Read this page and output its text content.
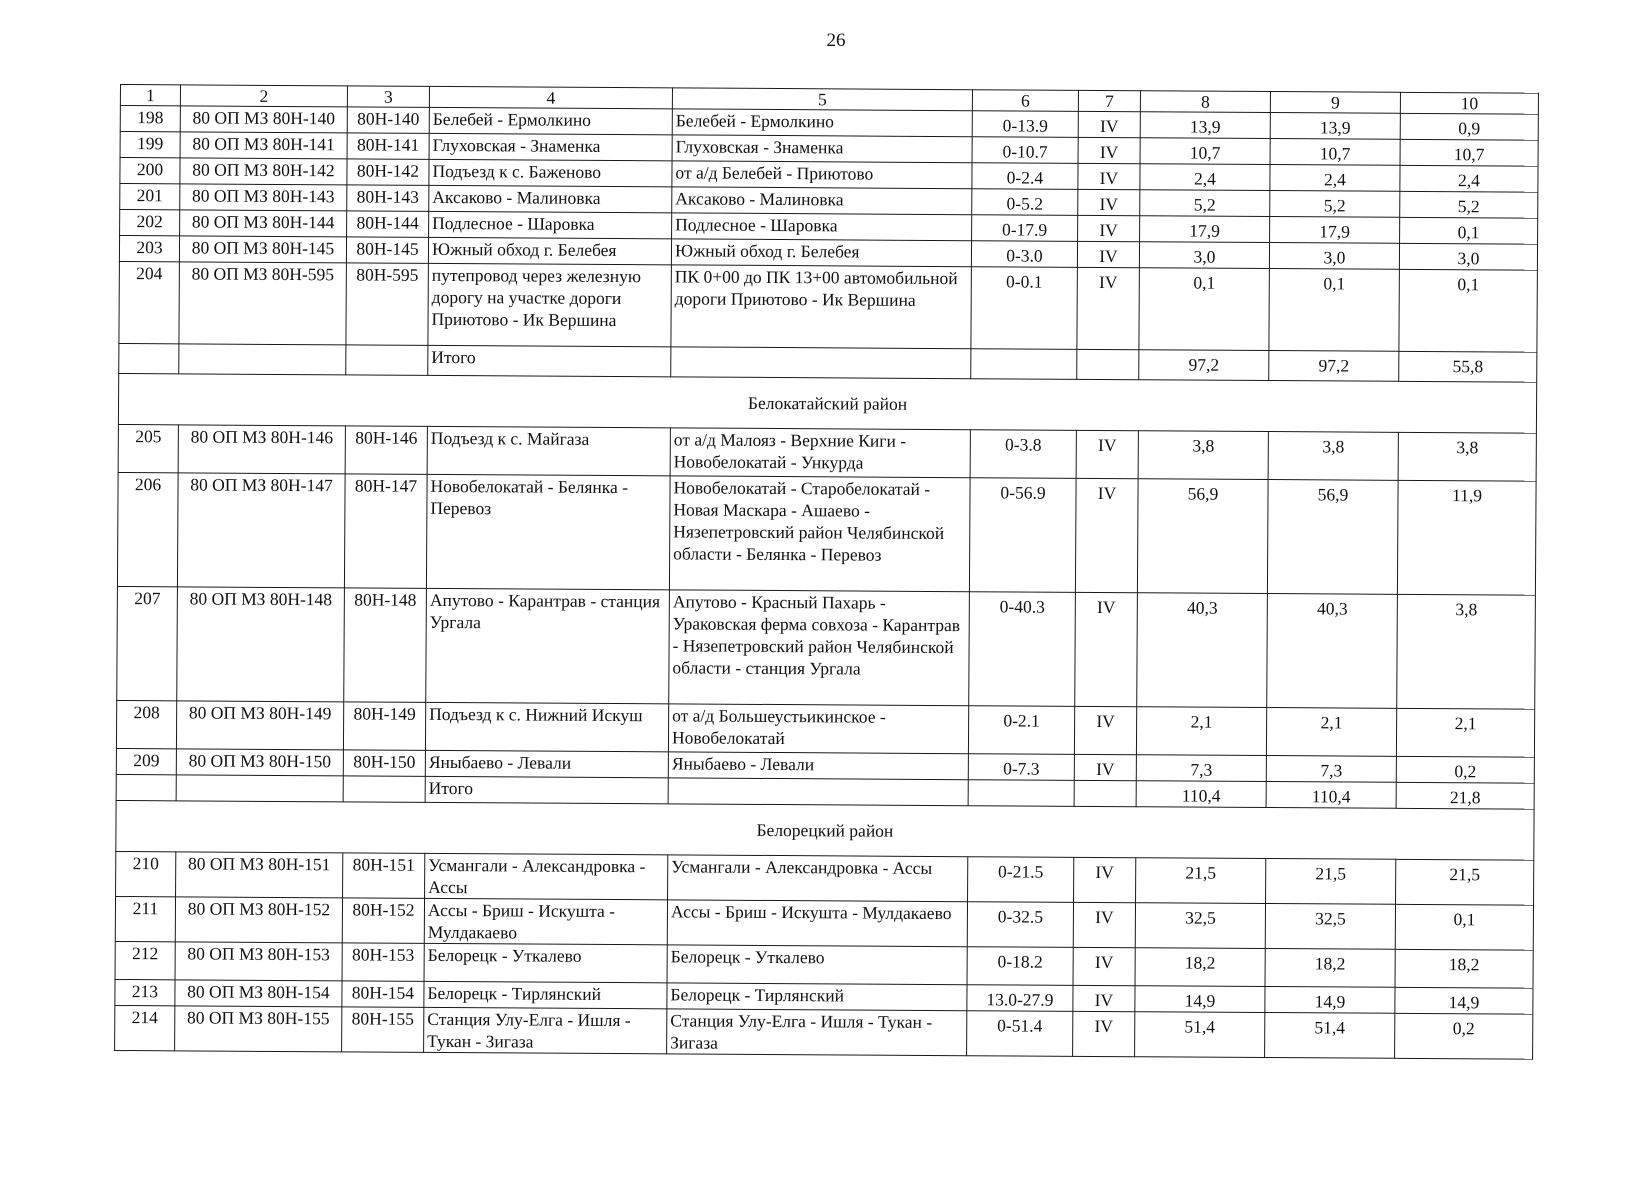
26
1	2	3	4	5	6	7	8	9	10
198	80 ОП МЗ 80Н-140	80Н-140	Белебей - Ермолкино	Белебей - Ермолкино	0-13.9	IV	13,9	13,9	0,9
199	80 ОП МЗ 80Н-141	80Н-141	Глуховская - Знаменка	Глуховская - Знаменка	0-10.7	IV	10,7	10,7	10,7
200	80 ОП МЗ 80Н-142	80Н-142	Подъезд к с. Баженово	от а/д Белебей - Приютово	0-2.4	IV	2,4	2,4	2,4
201	80 ОП МЗ 80Н-143	80Н-143	Аксаково - Малиновка	Аксаково - Малиновка	0-5.2	IV	5,2	5,2	5,2
202	80 ОП МЗ 80Н-144	80Н-144	Подлесное - Шаровка	Подлесное - Шаровка	0-17.9	IV	17,9	17,9	0,1
203	80 ОП МЗ 80Н-145	80Н-145	Южный обход г. Белебея	Южный обход г. Белебея	0-3.0	IV	3,0	3,0	3,0
204	80 ОП МЗ 80Н-595	80Н-595	путепровод через железную дорогу на участке дороги Приютово - Ик Вершина	ПК 0+00 до ПК 13+00 автомобильной дороги Приютово - Ик Вершина	0-0.1	IV	0,1	0,1	0,1
			Итого				97,2	97,2	55,8
Белокатайский район									
205	80 ОП МЗ 80Н-146	80Н-146	Подъезд к с. Майгаза	от а/д Малояз - Верхние Киги - Новобелокатай - Ункурда	0-3.8	IV	3,8	3,8	3,8
206	80 ОП МЗ 80Н-147	80Н-147	Новобелокатай - Белянка - Перевоз	Новобелокатай - Старобелокатай - Новая Маскара - Ашаево - Нязепетровский район Челябинской области - Белянка - Перевоз	0-56.9	IV	56,9	56,9	11,9
207	80 ОП МЗ 80Н-148	80Н-148	Апутово - Карантрав - станция Ургала	Апутово - Красный Пахарь - Ураковская ферма совхоза - Карантрав - Нязепетровский район Челябинской области - станция Ургала	0-40.3	IV	40,3	40,3	3,8
208	80 ОП МЗ 80Н-149	80Н-149	Подъезд к с. Нижний Искуш	от а/д Большеустьикинское - Новобелокатай	0-2.1	IV	2,1	2,1	2,1
209	80 ОП МЗ 80Н-150	80Н-150	Яныбаево - Левали	Яныбаево - Левали	0-7.3	IV	7,3	7,3	0,2
			Итого				110,4	110,4	21,8
Белорецкий район									
210	80 ОП МЗ 80Н-151	80Н-151	Усмангали - Александровка - Ассы	Усмангали - Александровка - Ассы	0-21.5	IV	21,5	21,5	21,5
211	80 ОП МЗ 80Н-152	80Н-152	Ассы - Бриш - Искушта - Мулдакаево	Ассы - Бриш - Искушта - Мулдакаево	0-32.5	IV	32,5	32,5	0,1
212	80 ОП МЗ 80Н-153	80Н-153	Белорецк - Уткалево	Белорецк - Уткалево	0-18.2	IV	18,2	18,2	18,2
213	80 ОП МЗ 80Н-154	80Н-154	Белорецк - Тирлянский	Белорецк - Тирлянский	13.0-27.9	IV	14,9	14,9	14,9
214	80 ОП МЗ 80Н-155	80Н-155	Станция Улу-Елга - Ишля - Тукан - Зигаза	Станция Улу-Елга - Ишля - Тукан - Зигаза	0-51.4	IV	51,4	51,4	0,2
